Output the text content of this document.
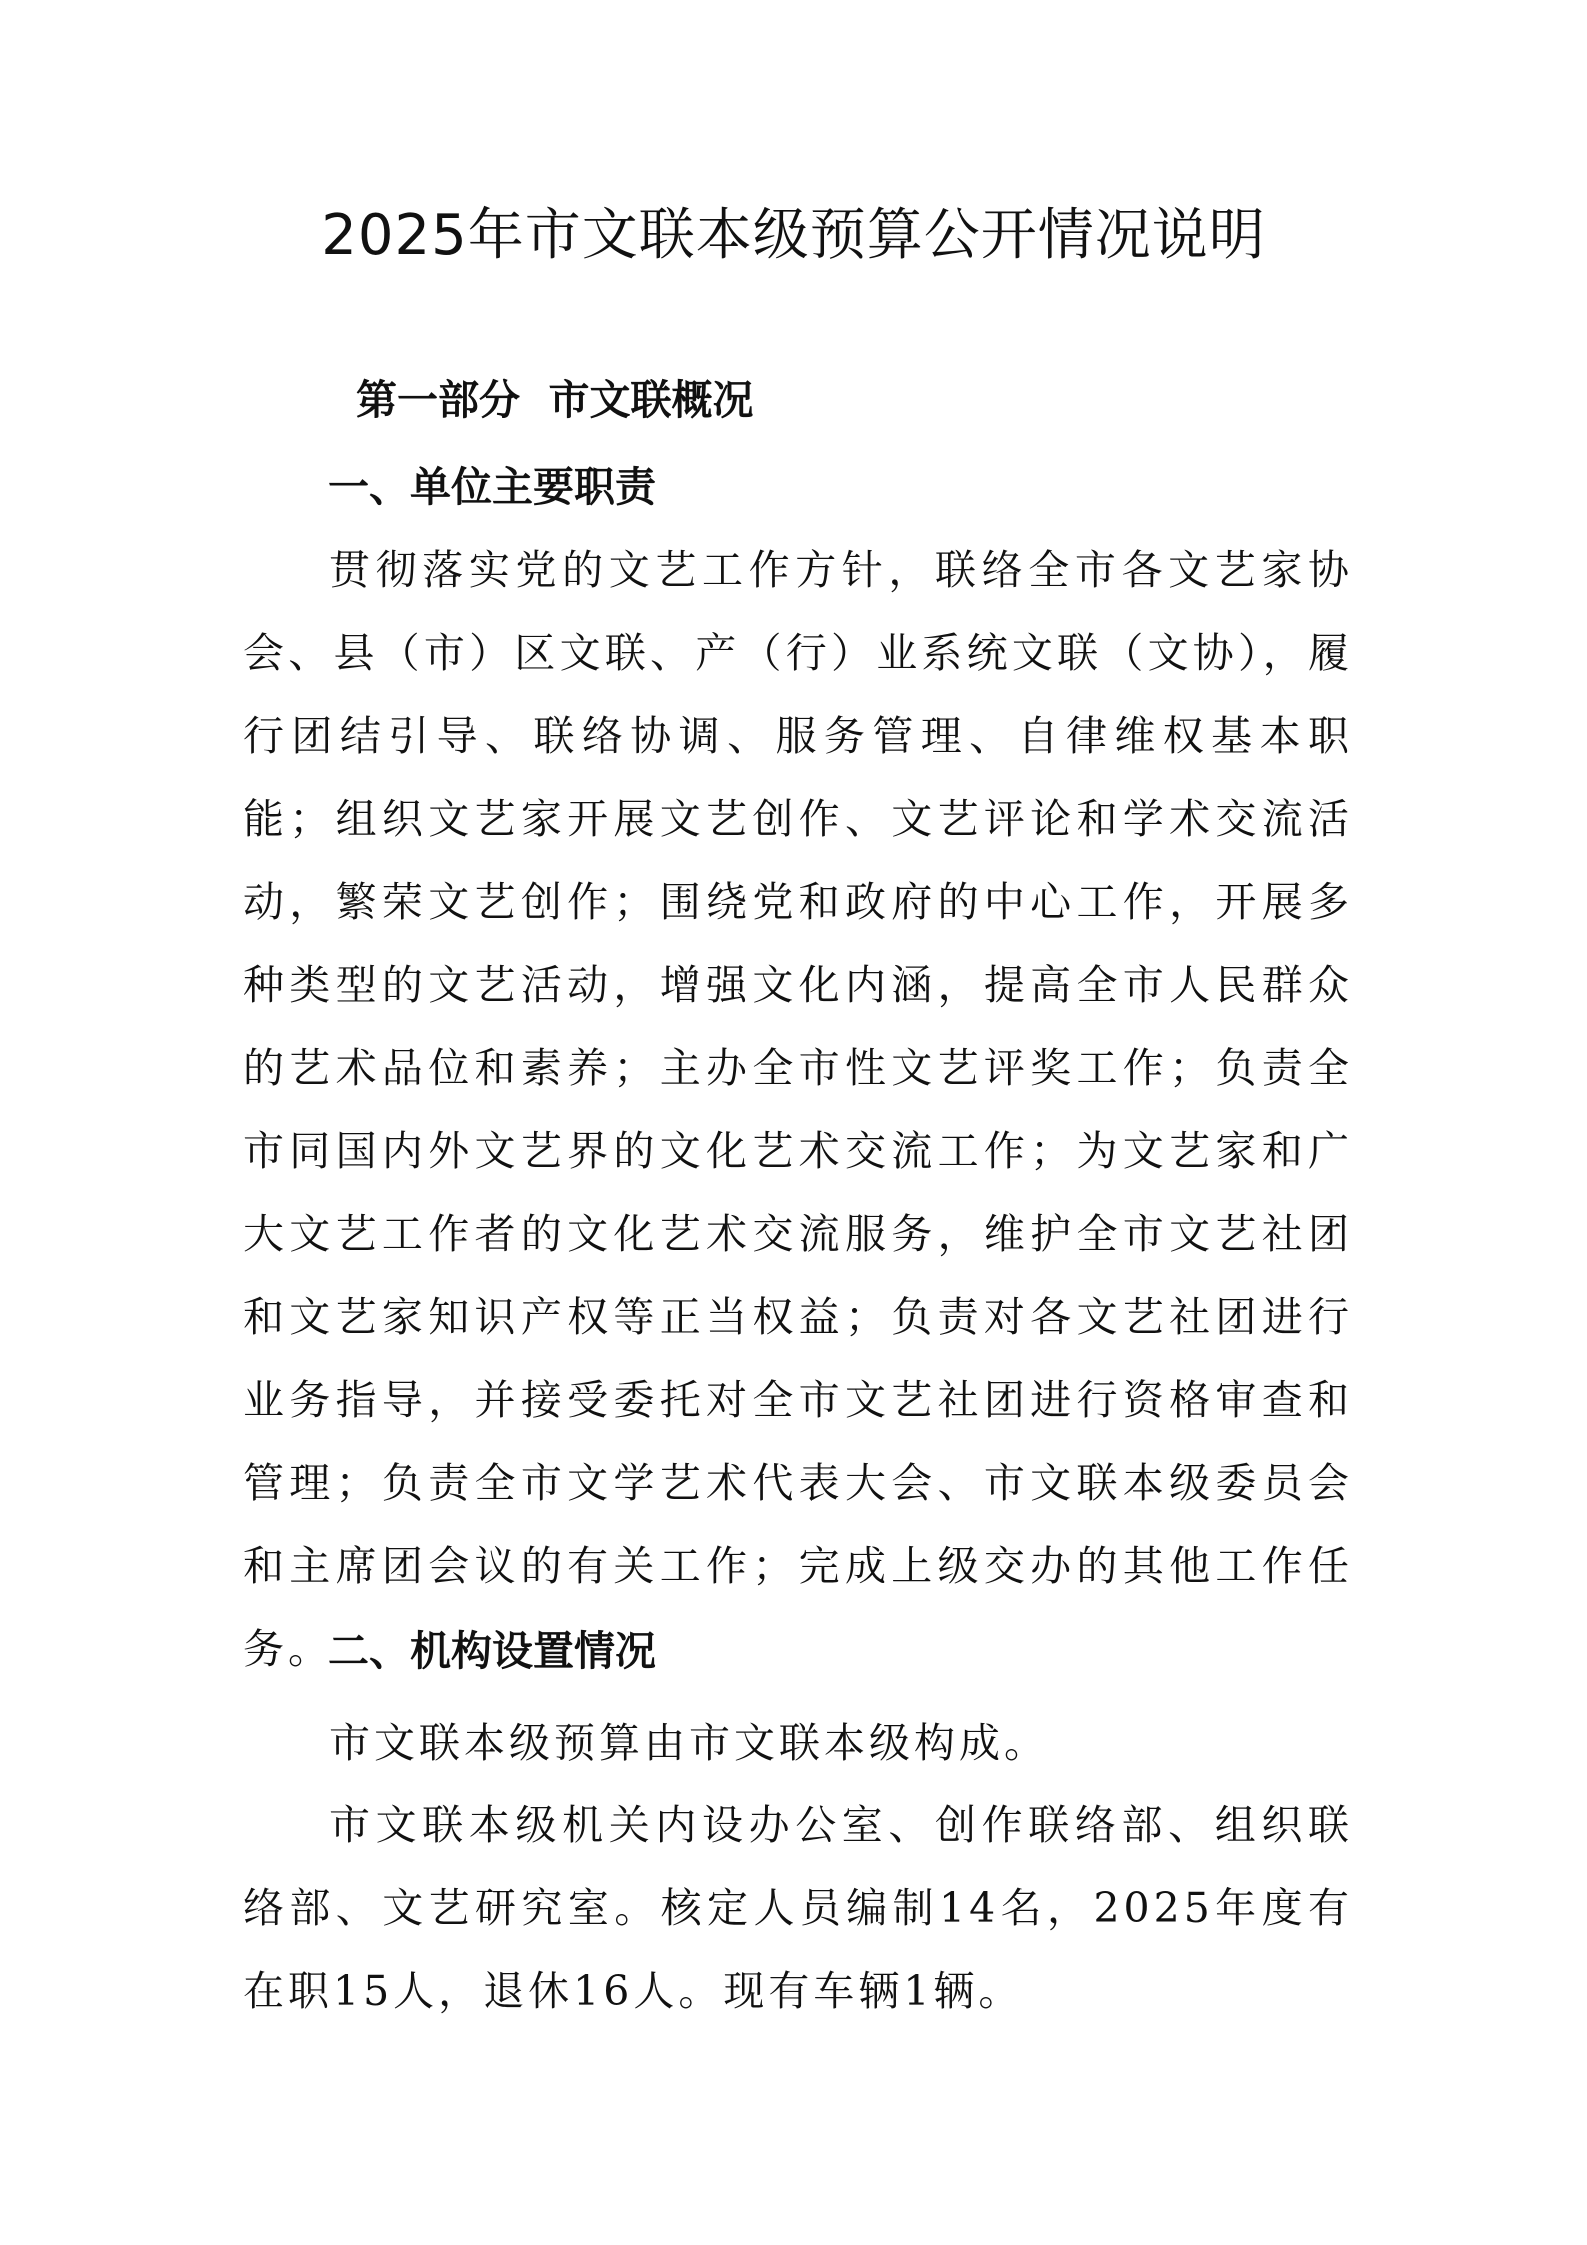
2025年市文联本级预算公开情况说明
第一部分  市文联概况
一、单位主要职责

贯彻落实党的文艺工作方针，联络全市各文艺家协会、县（市）区文联、产（行）业系统文联（文协），履行团结引导、联络协调、服务管理、自律维权基本职能；组织文艺家开展文艺创作、文艺评论和学术交流活动，繁荣文艺创作；围绕党和政府的中心工作，开展多种类型的文艺活动，增强文化内涵，提高全市人民群众的艺术品位和素养；主办全市性文艺评奖工作；负责全市同国内外文艺界的文化艺术交流工作；为文艺家和广大文艺工作者的文化艺术交流服务，维护全市文艺社团和文艺家知识产权等正当权益；负责对各文艺社团进行业务指导，并接受委托对全市文艺社团进行资格审查和管理；负责全市文学艺术代表大会、市文联本级委员会和主席团会议的有关工作；完成上级交办的其他工作任务。

二、机构设置情况

市文联本级预算由市文联本级构成。

市文联本级机关内设办公室、创作联络部、组织联络部、文艺研究室。核定人员编制14名，2025年度有在职15人，退休16人。现有车辆1辆。
